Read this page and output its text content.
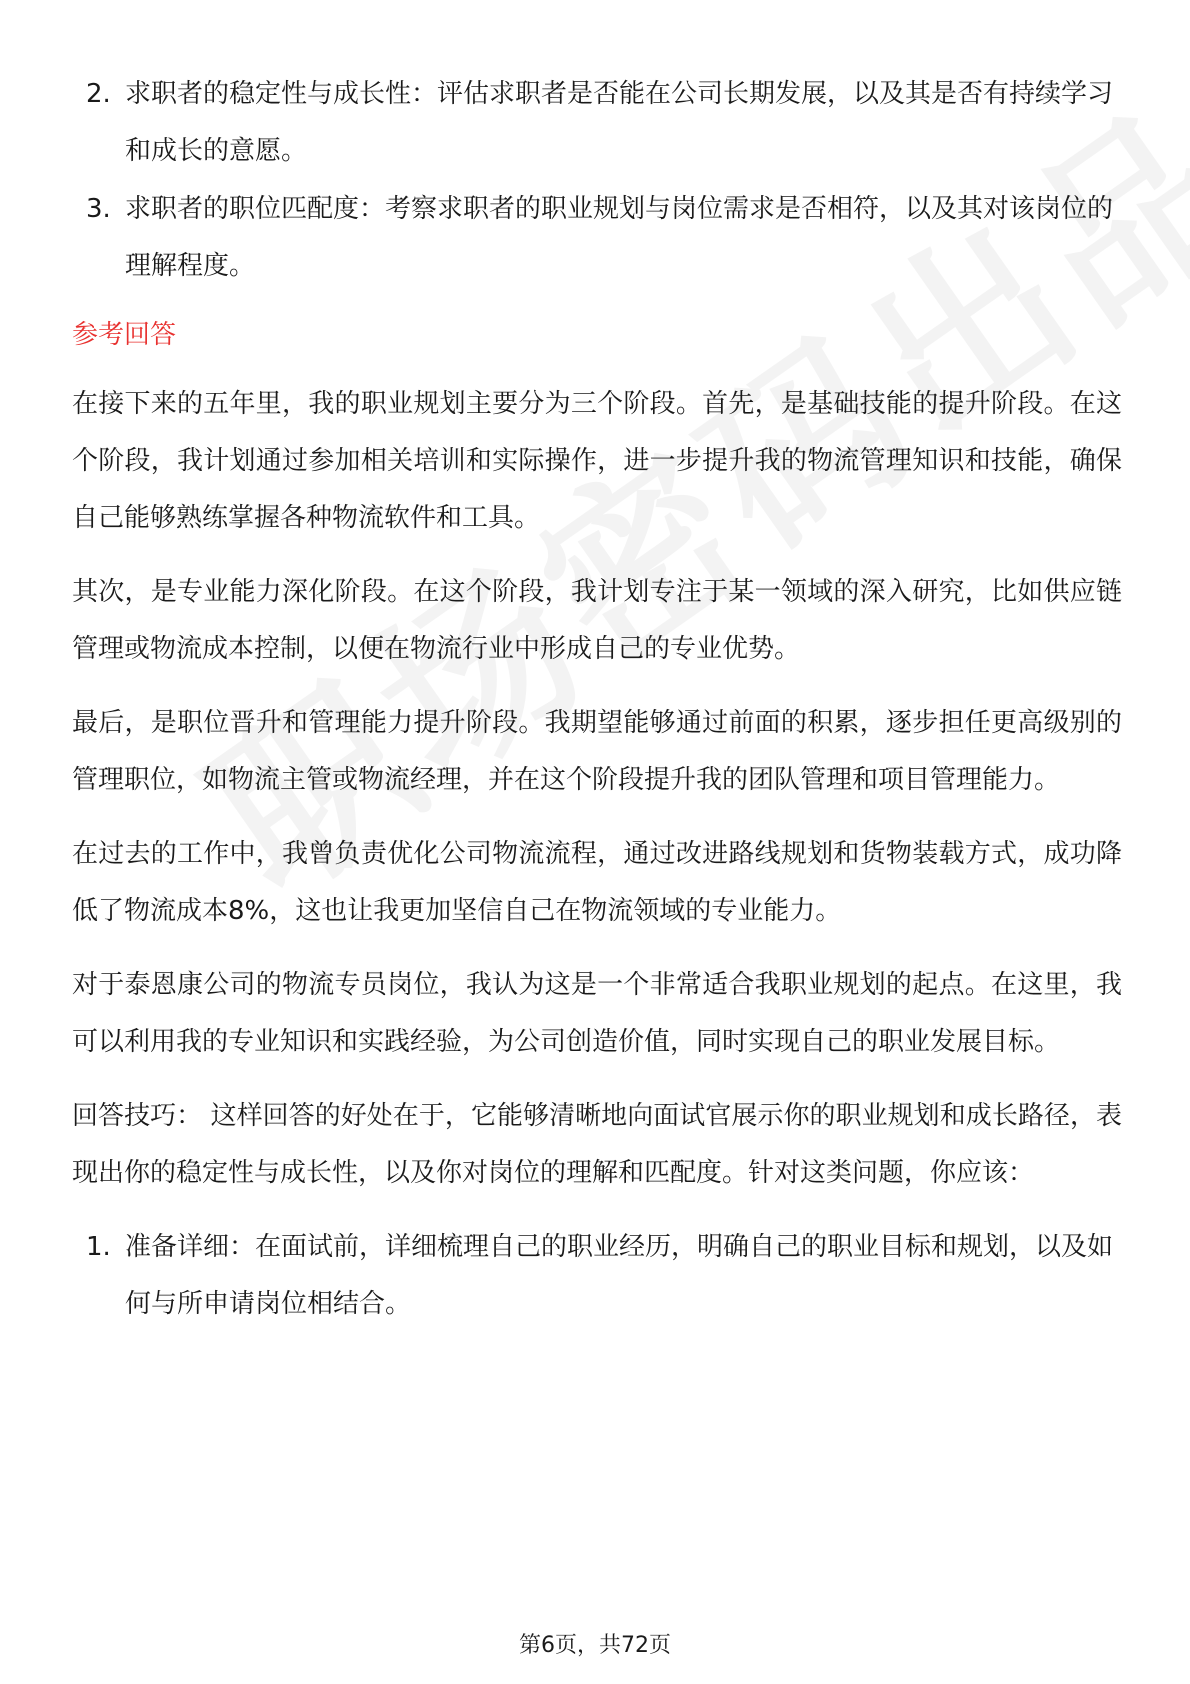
2. 求职者的稳定性与成长性：评估求职者是否能在公司长期发展，以及其是否有持续学习和成长的意愿。
3. 求职者的职位匹配度：考察求职者的职业规划与岗位需求是否相符，以及其对该岗位的理解程度。
参考回答

在接下来的五年里，我的职业规划主要分为三个阶段。首先，是基础技能的提升阶段。在这个阶段，我计划通过参加相关培训和实际操作，进一步提升我的物流管理知识和技能，确保自己能够熟练掌握各种物流软件和工具。

其次，是专业能力深化阶段。在这个阶段，我计划专注于某一领域的深入研究，比如供应链管理或物流成本控制，以便在物流行业中形成自己的专业优势。

最后，是职位晋升和管理能力提升阶段。我期望能够通过前面的积累，逐步担任更高级别的管理职位，如物流主管或物流经理，并在这个阶段提升我的团队管理和项目管理能力。

在过去的工作中，我曾负责优化公司物流流程，通过改进路线规划和货物装载方式，成功降低了物流成本8%，这也让我更加坚信自己在物流领域的专业能力。

对于泰恩康公司的物流专员岗位，我认为这是一个非常适合我职业规划的起点。在这里，我可以利用我的专业知识和实践经验，为公司创造价值，同时实现自己的职业发展目标。

回答技巧： 这样回答的好处在于，它能够清晰地向面试官展示你的职业规划和成长路径，表现出你的稳定性与成长性，以及你对岗位的理解和匹配度。针对这类问题，你应该：

1. 准备详细：在面试前，详细梳理自己的职业经历，明确自己的职业目标和规划，以及如何与所申请岗位相结合。
第6页，共72页
